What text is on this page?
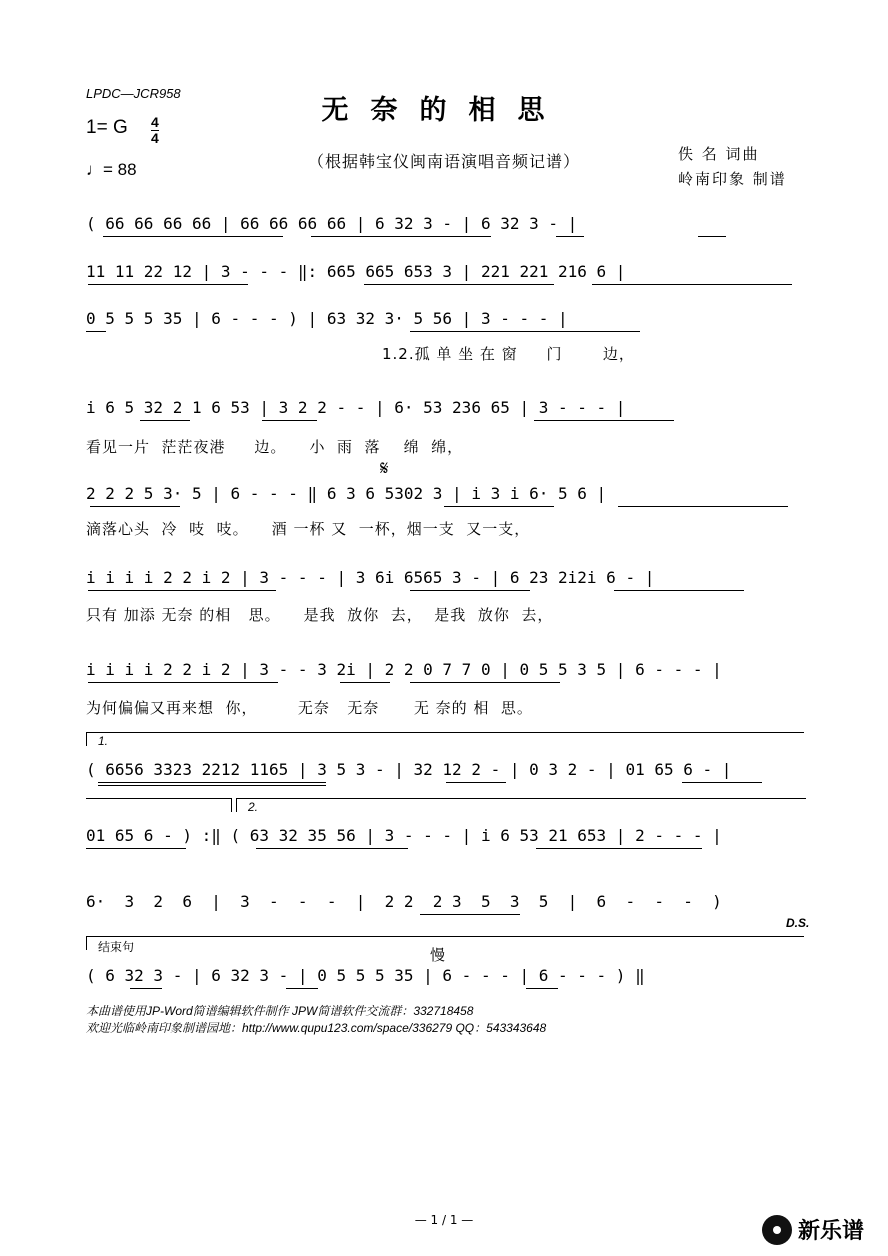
LPDC—JCR958
无奈的相思
1= G $\frac{4}{4}$
♩= 88	（根据韩宝仪闽南语演唱音频记谱）	佚 名 词曲
岭南印象 制谱
( 66 66 66 66 | 66 66 66 66 | 6 32 3 - | 6 32 3 - |
11 11 22 12 | 3 - - - ‖: 665 665 653 3 | 221 221 216 6 |
0 5 5 5 35 | 6 - - - ) | 63 32 3· 5 56 | 3 - - - |
1.2.孤 单 坐 在 窗     门       边，
i 6 5 32 2 1 6 53 | 3 2 2 - - | 6· 53 236 65 | 3 - - - |
看见一片  茫茫夜港     边。    小  雨  落    绵  绵，
𝄋
2 2 2 5 3· 5 | 6 - - - ‖ 6 3 6 5302 3 | i 3 i 6· 5 6 |
滴落心头  冷  吱  吱。    酒 一杯 又  一杯，烟一支  又一支，
i i i i 2 2 i 2 | 3 - - - | 3 6i 6565 3 - | 6 23 2i2i 6 - |
只有 加添 无奈 的相   思。    是我  放你  去，  是我  放你  去，
i i i i 2 2 i 2 | 3 - - 3 2i | 2 2 0 7 7 0 | 0 5 5 3 5 | 6 - - - |
为何偏偏又再来想  你，       无奈   无奈      无 奈的 相  思。
1.
( 6656 3323 2212 1165 | 3 5 3 - | 32 12 2 - | 0 3 2 - | 01 65 6 - |
2.
01 65 6 - ) :‖ ( 63 32 35 56 | 3 - - - | i 6 53 21 653 | 2 - - - |
6·  3  2  6  |  3  -  -  -  |  2 2  2 3  5  3  5  |  6  -  -  -  )
D.S.
结束句	慢
( 6 32 3 - | 6 32 3 - | 0 5 5 5 35 | 6 - - - | 6 - - - ) ‖
本曲谱使用JP-Word简谱编辑软件制作 JPW简谱软件交流群：332718458
欢迎光临岭南印象制谱园地：http://www.qupu123.com/space/336279 QQ：543343648
— 1 / 1 —	新乐谱
